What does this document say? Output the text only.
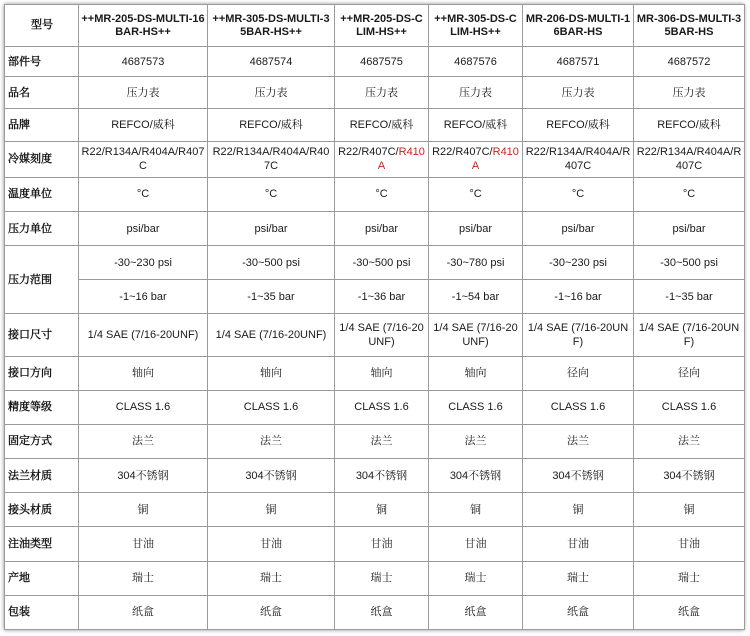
型号	++MR-205-DS-MULTI-16BAR-HS++	++MR-305-DS-MULTI-35BAR-HS++	++MR-205-DS-CLIM-HS++	++MR-305-DS-CLIM-HS++	MR-206-DS-MULTI-16BAR-HS	MR-306-DS-MULTI-35BAR-HS
部件号	4687573	4687574	4687575	4687576	4687571	4687572
品名	压力表	压力表	压力表	压力表	压力表	压力表
品牌	REFCO/威科	REFCO/威科	REFCO/威科	REFCO/威科	REFCO/威科	REFCO/威科
冷媒刻度	R22/R134A/R404A/R407C	R22/R134A/R404A/R407C	R22/R407C/R410A	R22/R407C/R410A	R22/R134A/R404A/R407C	R22/R134A/R404A/R407C
温度单位	°C	°C	°C	°C	°C	°C
压力单位	psi/bar	psi/bar	psi/bar	psi/bar	psi/bar	psi/bar
压力范围	-30~230 psi	-30~500 psi	-30~500 psi	-30~780 psi	-30~230 psi	-30~500 psi
	-1~16 bar	-1~35 bar	-1~36 bar	-1~54 bar	-1~16 bar	-1~35 bar
接口尺寸	1/4 SAE (7/16-20UNF)	1/4 SAE (7/16-20UNF)	1/4 SAE (7/16-20UNF)	1/4 SAE (7/16-20UNF)	1/4 SAE (7/16-20UNF)	1/4 SAE (7/16-20UNF)
接口方向	轴向	轴向	轴向	轴向	径向	径向
精度等级	CLASS 1.6	CLASS 1.6	CLASS 1.6	CLASS 1.6	CLASS 1.6	CLASS 1.6
固定方式	法兰	法兰	法兰	法兰	法兰	法兰
法兰材质	304不锈钢	304不锈钢	304不锈钢	304不锈钢	304不锈钢	304不锈钢
接头材质	铜	铜	铜	铜	铜	铜
注油类型	甘油	甘油	甘油	甘油	甘油	甘油
产地	瑞士	瑞士	瑞士	瑞士	瑞士	瑞士
包装	纸盒	纸盒	纸盒	纸盒	纸盒	纸盒
